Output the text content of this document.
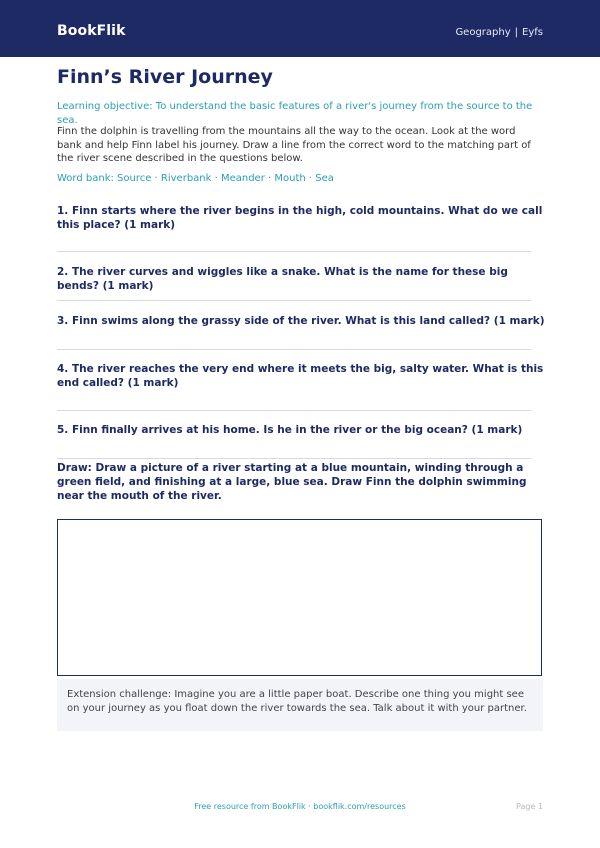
BookFlik	Geography | Eyfs
Finn’s River Journey
Learning objective: To understand the basic features of a river's journey from the source to the sea.
Finn the dolphin is travelling from the mountains all the way to the ocean. Look at the word bank and help Finn label his journey. Draw a line from the correct word to the matching part of the river scene described in the questions below.
Word bank: Source · Riverbank · Meander · Mouth · Sea
1. Finn starts where the river begins in the high, cold mountains. What do we call this place? (1 mark)
2. The river curves and wiggles like a snake. What is the name for these big bends? (1 mark)
3. Finn swims along the grassy side of the river. What is this land called? (1 mark)
4. The river reaches the very end where it meets the big, salty water. What is this end called? (1 mark)
5. Finn finally arrives at his home. Is he in the river or the big ocean? (1 mark)
Draw: Draw a picture of a river starting at a blue mountain, winding through a green field, and finishing at a large, blue sea. Draw Finn the dolphin swimming near the mouth of the river.
Extension challenge: Imagine you are a little paper boat. Describe one thing you might see on your journey as you float down the river towards the sea. Talk about it with your partner.
Free resource from BookFlik · bookflik.com/resources	Page 1
